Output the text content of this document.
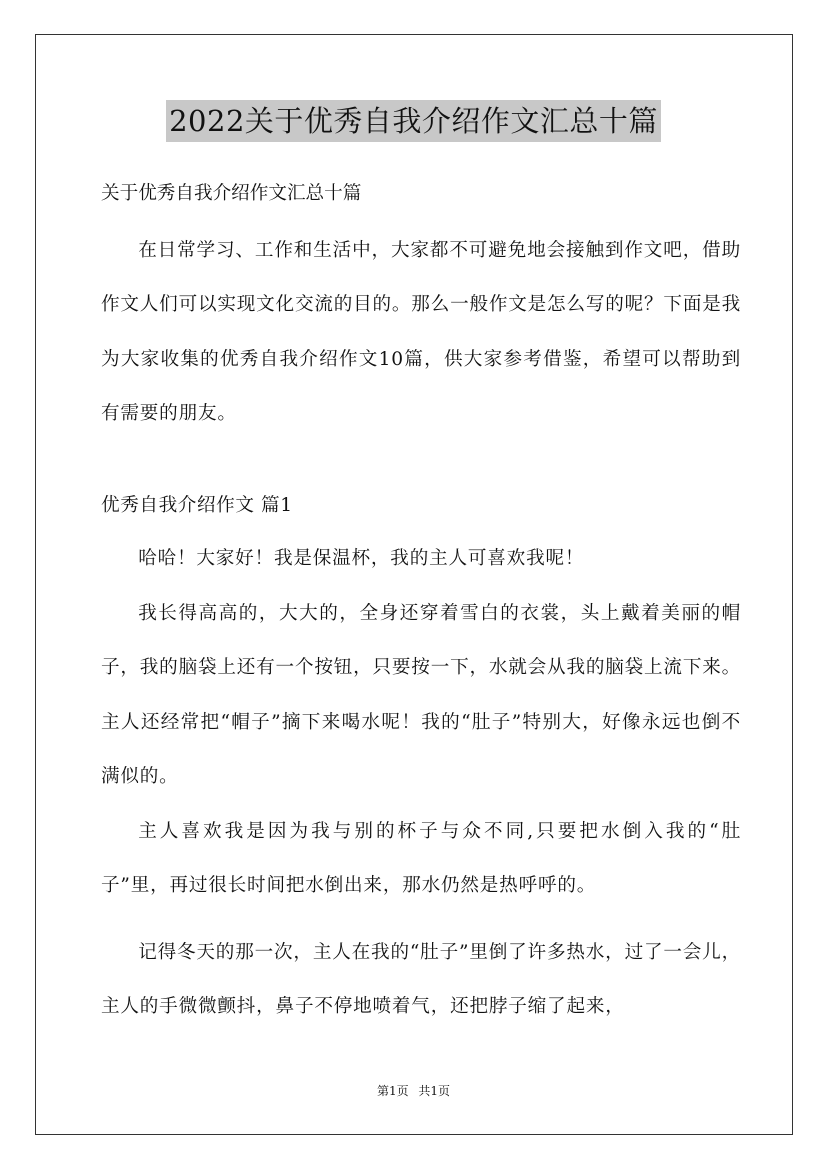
2022关于优秀自我介绍作文汇总十篇

关于优秀自我介绍作文汇总十篇

在日常学习、工作和生活中，大家都不可避免地会接触到作文吧，借助作文人们可以实现文化交流的目的。那么一般作文是怎么写的呢？下面是我为大家收集的优秀自我介绍作文10篇，供大家参考借鉴，希望可以帮助到有需要的朋友。

优秀自我介绍作文 篇1

哈哈！大家好！我是保温杯，我的主人可喜欢我呢！

我长得高高的，大大的，全身还穿着雪白的衣裳，头上戴着美丽的帽子，我的脑袋上还有一个按钮，只要按一下，水就会从我的脑袋上流下来。主人还经常把“帽子”摘下来喝水呢！我的“肚子”特别大，好像永远也倒不满似的。

主人喜欢我是因为我与别的杯子与众不同,只要把水倒入我的“肚子”里，再过很长时间把水倒出来，那水仍然是热呼呼的。

记得冬天的那一次，主人在我的“肚子”里倒了许多热水，过了一会儿，主人的手微微颤抖，鼻子不停地喷着气，还把脖子缩了起来，

第1页 共1页
